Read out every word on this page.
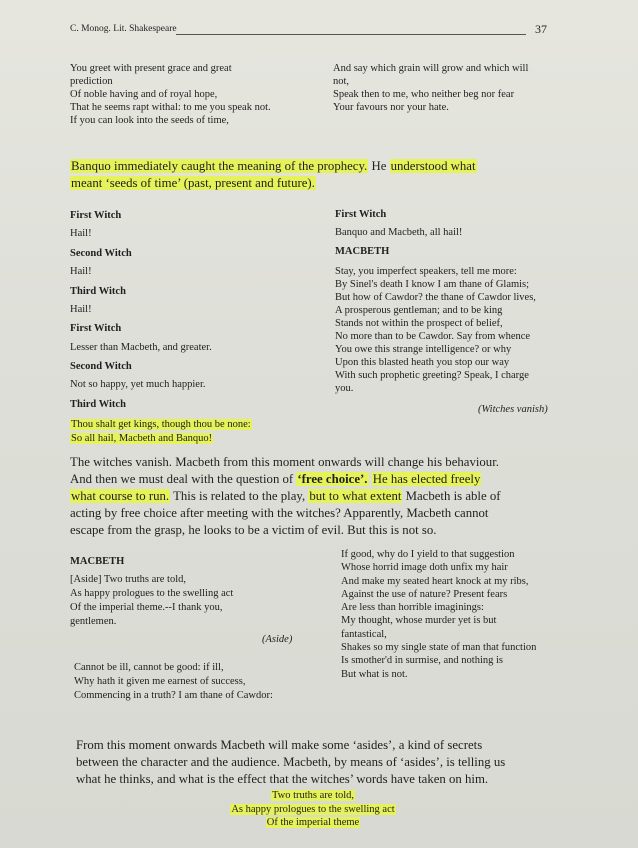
C. Monog. Lit. Shakespeare	37
You greet with present grace and great
prediction
Of noble having and of royal hope,
That he seems rapt withal: to me you speak not.
If you can look into the seeds of time,
And say which grain will grow and which will
not,
Speak then to me, who neither beg nor fear
Your favours nor your hate.
Banquo immediately caught the meaning of the prophecy. He understood what
meant ‘seeds of time’ (past, present and future).
First Witch
Hail!
Second Witch
Hail!
Third Witch
Hail!
First Witch
Lesser than Macbeth, and greater.
Second Witch
Not so happy, yet much happier.
Third Witch
Thou shalt get kings, though thou be none:
So all hail, Macbeth and Banquo!
First Witch
Banquo and Macbeth, all hail!
MACBETH
Stay, you imperfect speakers, tell me more:
By Sinel's death I know I am thane of Glamis;
But how of Cawdor? the thane of Cawdor lives,
A prosperous gentleman; and to be king
Stands not within the prospect of belief,
No more than to be Cawdor. Say from whence
You owe this strange intelligence? or why
Upon this blasted heath you stop our way
With such prophetic greeting? Speak, I charge
you.
(Witches vanish)
The witches vanish. Macbeth from this moment onwards will change his behaviour.
And then we must deal with the question of ‘free choice’. He has elected freely
what course to run. This is related to the play, but to what extent Macbeth is able of
acting by free choice after meeting with the witches? Apparently, Macbeth cannot
escape from the grasp, he looks to be a victim of evil. But this is not so.
MACBETH
[Aside] Two truths are told,
As happy prologues to the swelling act
Of the imperial theme.--I thank you,
gentlemen.
(Aside)
Cannot be ill, cannot be good: if ill,
Why hath it given me earnest of success,
Commencing in a truth? I am thane of Cawdor:
If good, why do I yield to that suggestion
Whose horrid image doth unfix my hair
And make my seated heart knock at my ribs,
Against the use of nature? Present fears
Are less than horrible imaginings:
My thought, whose murder yet is but
fantastical,
Shakes so my single state of man that function
Is smother'd in surmise, and nothing is
But what is not.
From this moment onwards Macbeth will make some ‘asides’, a kind of secrets
between the character and the audience. Macbeth, by means of ‘asides’, is telling us
what he thinks, and what is the effect that the witches’ words have taken on him.
Two truths are told,
As happy prologues to the swelling act
Of the imperial theme
